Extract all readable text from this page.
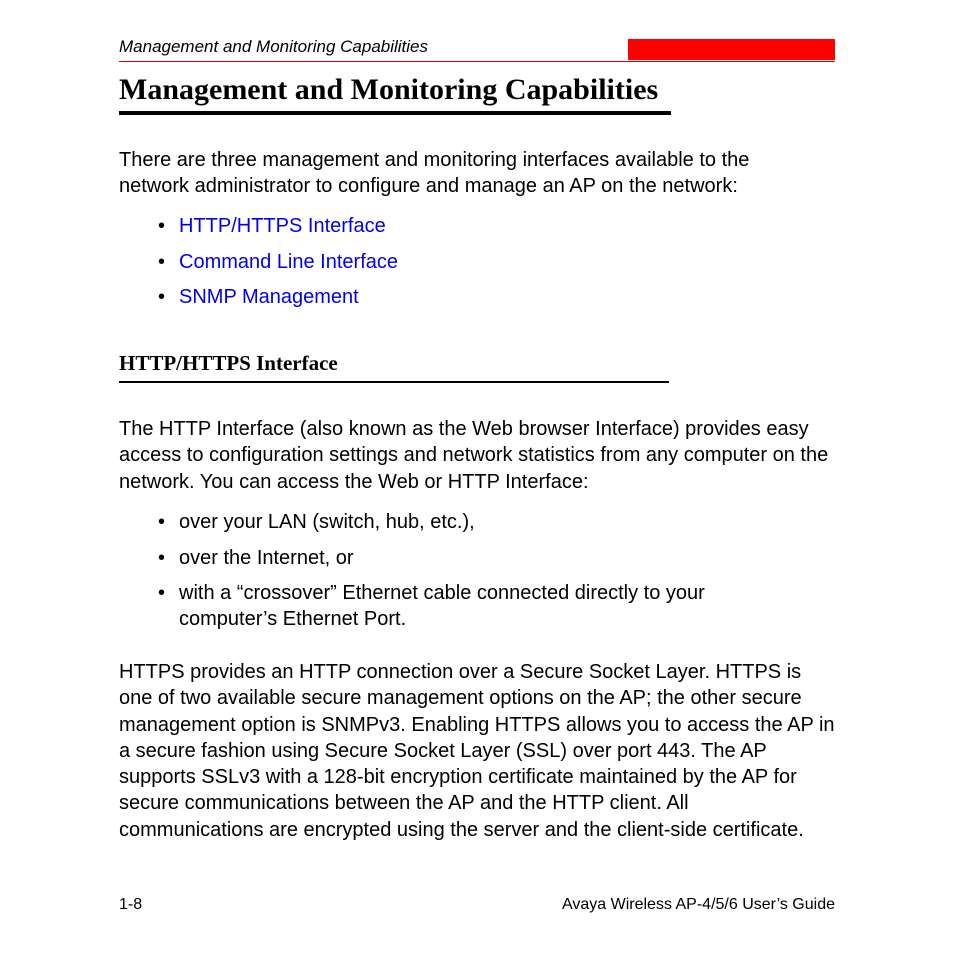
Management and Monitoring Capabilities
Management and Monitoring Capabilities

There are three management and monitoring interfaces available to the network administrator to configure and manage an AP on the network:

• HTTP/HTTPS Interface
• Command Line Interface
• SNMP Management
HTTP/HTTPS Interface

The HTTP Interface (also known as the Web browser Interface) provides easy access to configuration settings and network statistics from any computer on the network. You can access the Web or HTTP Interface:

• over your LAN (switch, hub, etc.),
• over the Internet, or
• with a “crossover” Ethernet cable connected directly to your computer’s Ethernet Port.

HTTPS provides an HTTP connection over a Secure Socket Layer. HTTPS is one of two available secure management options on the AP; the other secure management option is SNMPv3. Enabling HTTPS allows you to access the AP in a secure fashion using Secure Socket Layer (SSL) over port 443. The AP supports SSLv3 with a 128-bit encryption certificate maintained by the AP for secure communications between the AP and the HTTP client. All communications are encrypted using the server and the client-side certificate.

1-8	Avaya Wireless AP-4/5/6 User’s Guide
